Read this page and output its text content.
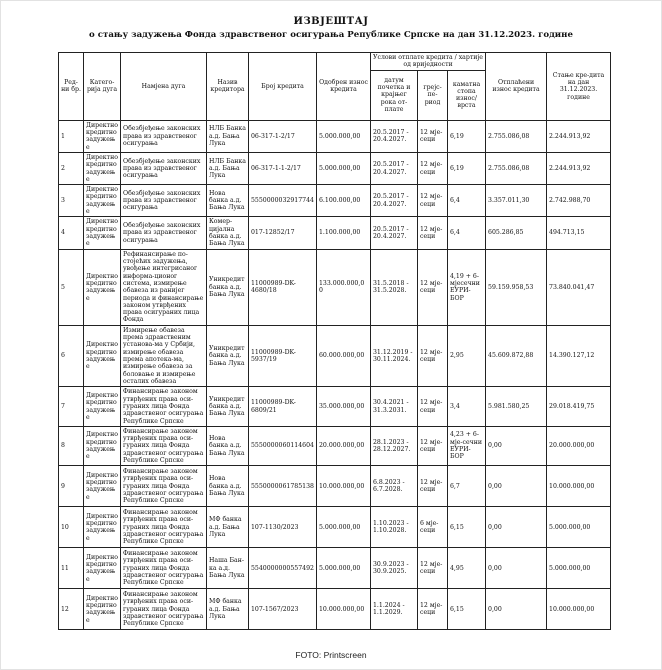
ИЗВЈЕШТАЈ
о стању задужења Фонда здравственог осигурања Републике Српске на дан 31.12.2023. године
Ред-ни бр.	Катего-рија дуга	Намјена дуга	Назив кредитора	Број кредита	Одобрен износ кредита	Услови отплате кредита / хартије од вриједности			Отплаћени износ кредита	Стање кре-дита на дан 31.12.2023. године
						датум почетка и крајњег рока от-плате	грејс-пе-риод	каматна стопа износ/ врста		
1	Директно кредитно задужење	Обезбјеђење законских права из здравственог осигурања	НЛБ Банка а.д. Бања Лука	06-317-1-2/17	5.000.000,00	20.5.2017 - 20.4.2027.	12 мје-сеци	6,19	2.755.086,08	2.244.913,92
2	Директно кредитно задужење	Обезбјеђење законских права из здравственог осигурања	НЛБ Банка а.д. Бања Лука	06-317-1-1-2/17	5.000.000,00	20.5.2017 - 20.4.2027.	12 мје-сеци	6,19	2.755.086,08	2.244.913,92
3	Директно кредитно задужење	Обезбјеђење законских права из здравственог осигурања	Нова банка а.д. Бања Лука	5550000032917744	6.100.000,00	20.5.2017 - 20.4.2027.	12 мје-сеци	6,4	3.357.011,30	2.742.988,70
4	Директно кредитно задужење	Обезбјеђење законских права из здравственог осигурања	Комер-цијална банка а.д. Бања Лука	017-12852/17	1.100.000,00	20.5.2017 - 20.4.2027.	12 мје-сеци	6,4	605.286,85	494.713,15
5	Директно кредитно задужење	Рефинансирање по-стојећих задужења, увођење интегрисаног информа-ционог система, измирење обавеза из ранијег периода и финансирање законом утврђених права осигураних лица Фонда	Уникредит банка а.д. Бања Лука	11000989-DK-4680/18	133.000.000,00	31.5.2018 - 31.5.2028.	12 мје-сеци	4,19 + 6-мјесечни ЕУРИ-БОР	59.159.958,53	73.840.041,47
6	Директно кредитно задужење	Измирење обавеза према здравственим установа-ма у Србији, измирење обавеза према апотека-ма, измирење обавеза за боловање и измирење осталих обавеза	Уникредит банка а.д. Бања Лука	11000989-DK-5937/19	60.000.000,00	31.12.2019 - 30.11.2024.	12 мје-сеци	2,95	45.609.872,88	14.390.127,12
7	Директно кредитно задужење	Финансирање законом утврђених права оси-гураних лица Фонда здравственог осигурања Републике Српске	Уникредит банка а.д. Бања Лука	11000989-DK-6809/21	35.000.000,00	30.4.2021 - 31.3.2031.	12 мје-сеци	3,4	5.981.580,25	29.018.419,75
8	Директно кредитно задужење	Финансирање законом утврђених права оси-гураних лица Фонда здравственог осигурања Републике Српске	Нова банка а.д. Бања Лука	5550000060114604	20.000.000,00	28.1.2023 - 28.12.2027.	12 мје-сеци	4,23 + 6-мје-сечни ЕУРИ-БОР	0,00	20.000.000,00
9	Директно кредитно задужење	Финансирање законом утврђених права оси-гураних лица Фонда здравственог осигурања Републике Српске	Нова банка а.д. Бања Лука	5550000061785138	10.000.000,00	6.8.2023 - 6.7.2028.	12 мје-сеци	6,7	0,00	10.000.000,00
10	Директно кредитно задужење	Финансирање законом утврђених права оси-гураних лица Фонда здравственог осигурања Републике Српске	МФ банка а.д. Бања Лука	107-1130/2023	5.000.000,00	1.10.2023 - 1.10.2028.	6 мје-сеци	6,15	0,00	5.000.000,00
11	Директно кредитно задужење	Финансирање законом утврђених права оси-гураних лица Фонда здравственог осигурања Републике Српске	Наша Бан-ка а.д. Бања Лука	5540000000557492	5.000.000,00	30.9.2023 - 30.9.2025.	12 мје-сеци	4,95	0,00	5.000.000,00
12	Директно кредитно задужење	Финансирање законом утврђених права оси-гураних лица Фонда здравственог осигурања Републике Српске	МФ банка а.д. Бања Лука	107-1567/2023	10.000.000,00	1.1.2024 - 1.1.2029.	12 мје-сеци	6,15	0,00	10.000.000,00
FOTO: Printscreen
